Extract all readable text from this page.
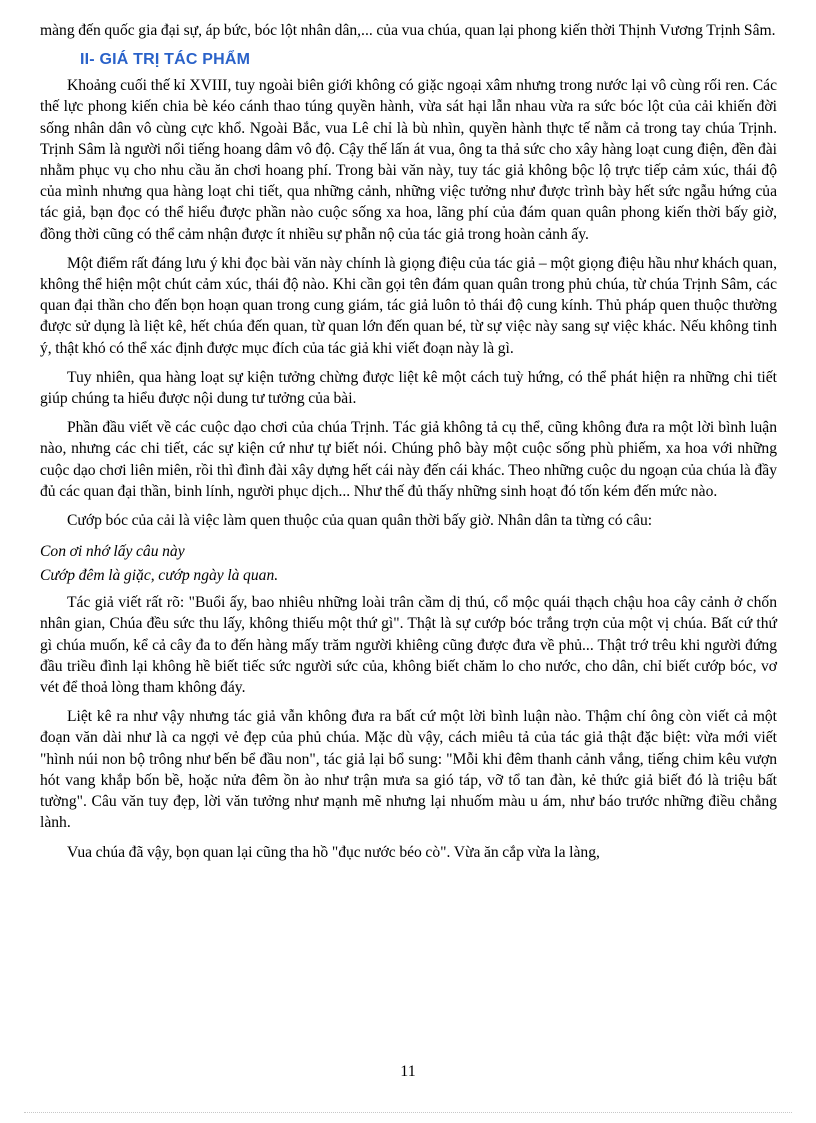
màng đến quốc gia đại sự, áp bức, bóc lột nhân dân,... của vua chúa, quan lại phong kiến thời Thịnh Vương Trịnh Sâm.

II- GIÁ TRỊ TÁC PHẨM

Khoảng cuối thế kỉ XVIII, tuy ngoài biên giới không có giặc ngoại xâm nhưng trong nước lại vô cùng rối ren. Các thế lực phong kiến chia bè kéo cánh thao túng quyền hành, vừa sát hại lẫn nhau vừa ra sức bóc lột của cải khiến đời sống nhân dân vô cùng cực khổ. Ngoài Bắc, vua Lê chỉ là bù nhìn, quyền hành thực tế nằm cả trong tay chúa Trịnh. Trịnh Sâm là người nổi tiếng hoang dâm vô độ. Cậy thế lấn át vua, ông ta thả sức cho xây hàng loạt cung điện, đền đài nhằm phục vụ cho nhu cầu ăn chơi hoang phí. Trong bài văn này, tuy tác giả không bộc lộ trực tiếp cảm xúc, thái độ của mình nhưng qua hàng loạt chi tiết, qua những cảnh, những việc tưởng như được trình bày hết sức ngẫu hứng của tác giả, bạn đọc có thể hiểu được phần nào cuộc sống xa hoa, lãng phí của đám quan quân phong kiến thời bấy giờ, đồng thời cũng có thể cảm nhận được ít nhiều sự phẫn nộ của tác giả trong hoàn cảnh ấy.

Một điểm rất đáng lưu ý khi đọc bài văn này chính là giọng điệu của tác giả – một giọng điệu hầu như khách quan, không thể hiện một chút cảm xúc, thái độ nào. Khi cần gọi tên đám quan quân trong phủ chúa, từ chúa Trịnh Sâm, các quan đại thần cho đến bọn hoạn quan trong cung giám, tác giả luôn tỏ thái độ cung kính. Thủ pháp quen thuộc thường được sử dụng là liệt kê, hết chúa đến quan, từ quan lớn đến quan bé, từ sự việc này sang sự việc khác. Nếu không tinh ý, thật khó có thể xác định được mục đích của tác giả khi viết đoạn này là gì.

Tuy nhiên, qua hàng loạt sự kiện tưởng chừng được liệt kê một cách tuỳ hứng, có thể phát hiện ra những chi tiết giúp chúng ta hiểu được nội dung tư tưởng của bài.

Phần đầu viết về các cuộc dạo chơi của chúa Trịnh. Tác giả không tả cụ thể, cũng không đưa ra một lời bình luận nào, nhưng các chi tiết, các sự kiện cứ như tự biết nói. Chúng phô bày một cuộc sống phù phiếm, xa hoa với những cuộc dạo chơi liên miên, rồi thì đình đài xây dựng hết cái này đến cái khác. Theo những cuộc du ngoạn của chúa là đầy đủ các quan đại thần, binh lính, người phục dịch... Như thế đủ thấy những sinh hoạt đó tốn kém đến mức nào.

Cướp bóc của cải là việc làm quen thuộc của quan quân thời bấy giờ. Nhân dân ta từng có câu:

Con ơi nhớ lấy câu này

Cướp đêm là giặc, cướp ngày là quan.

Tác giả viết rất rõ: "Buổi ấy, bao nhiêu những loài trân cầm dị thú, cổ mộc quái thạch chậu hoa cây cảnh ở chốn nhân gian, Chúa đều sức thu lấy, không thiếu một thứ gì". Thật là sự cướp bóc trắng trợn của một vị chúa. Bất cứ thứ gì chúa muốn, kể cả cây đa to đến hàng mấy trăm người khiêng cũng được đưa về phủ... Thật trớ trêu khi người đứng đầu triều đình lại không hề biết tiếc sức người sức của, không biết chăm lo cho nước, cho dân, chỉ biết cướp bóc, vơ vét để thoả lòng tham không đáy.

Liệt kê ra như vậy nhưng tác giả vẫn không đưa ra bất cứ một lời bình luận nào. Thậm chí ông còn viết cả một đoạn văn dài như là ca ngợi vẻ đẹp của phủ chúa. Mặc dù vậy, cách miêu tả của tác giả thật đặc biệt: vừa mới viết "hình núi non bộ trông như bến bể đầu non", tác giả lại bổ sung: "Mỗi khi đêm thanh cảnh vắng, tiếng chim kêu vượn hót vang khắp bốn bề, hoặc nửa đêm ồn ào như trận mưa sa gió táp, vỡ tổ tan đàn, kẻ thức giả biết đó là triệu bất tường". Câu văn tuy đẹp, lời văn tưởng như mạnh mẽ nhưng lại nhuốm màu u ám, như báo trước những điều chẳng lành.

Vua chúa đã vậy, bọn quan lại cũng tha hồ "đục nước béo cò". Vừa ăn cắp vừa la làng,

11
